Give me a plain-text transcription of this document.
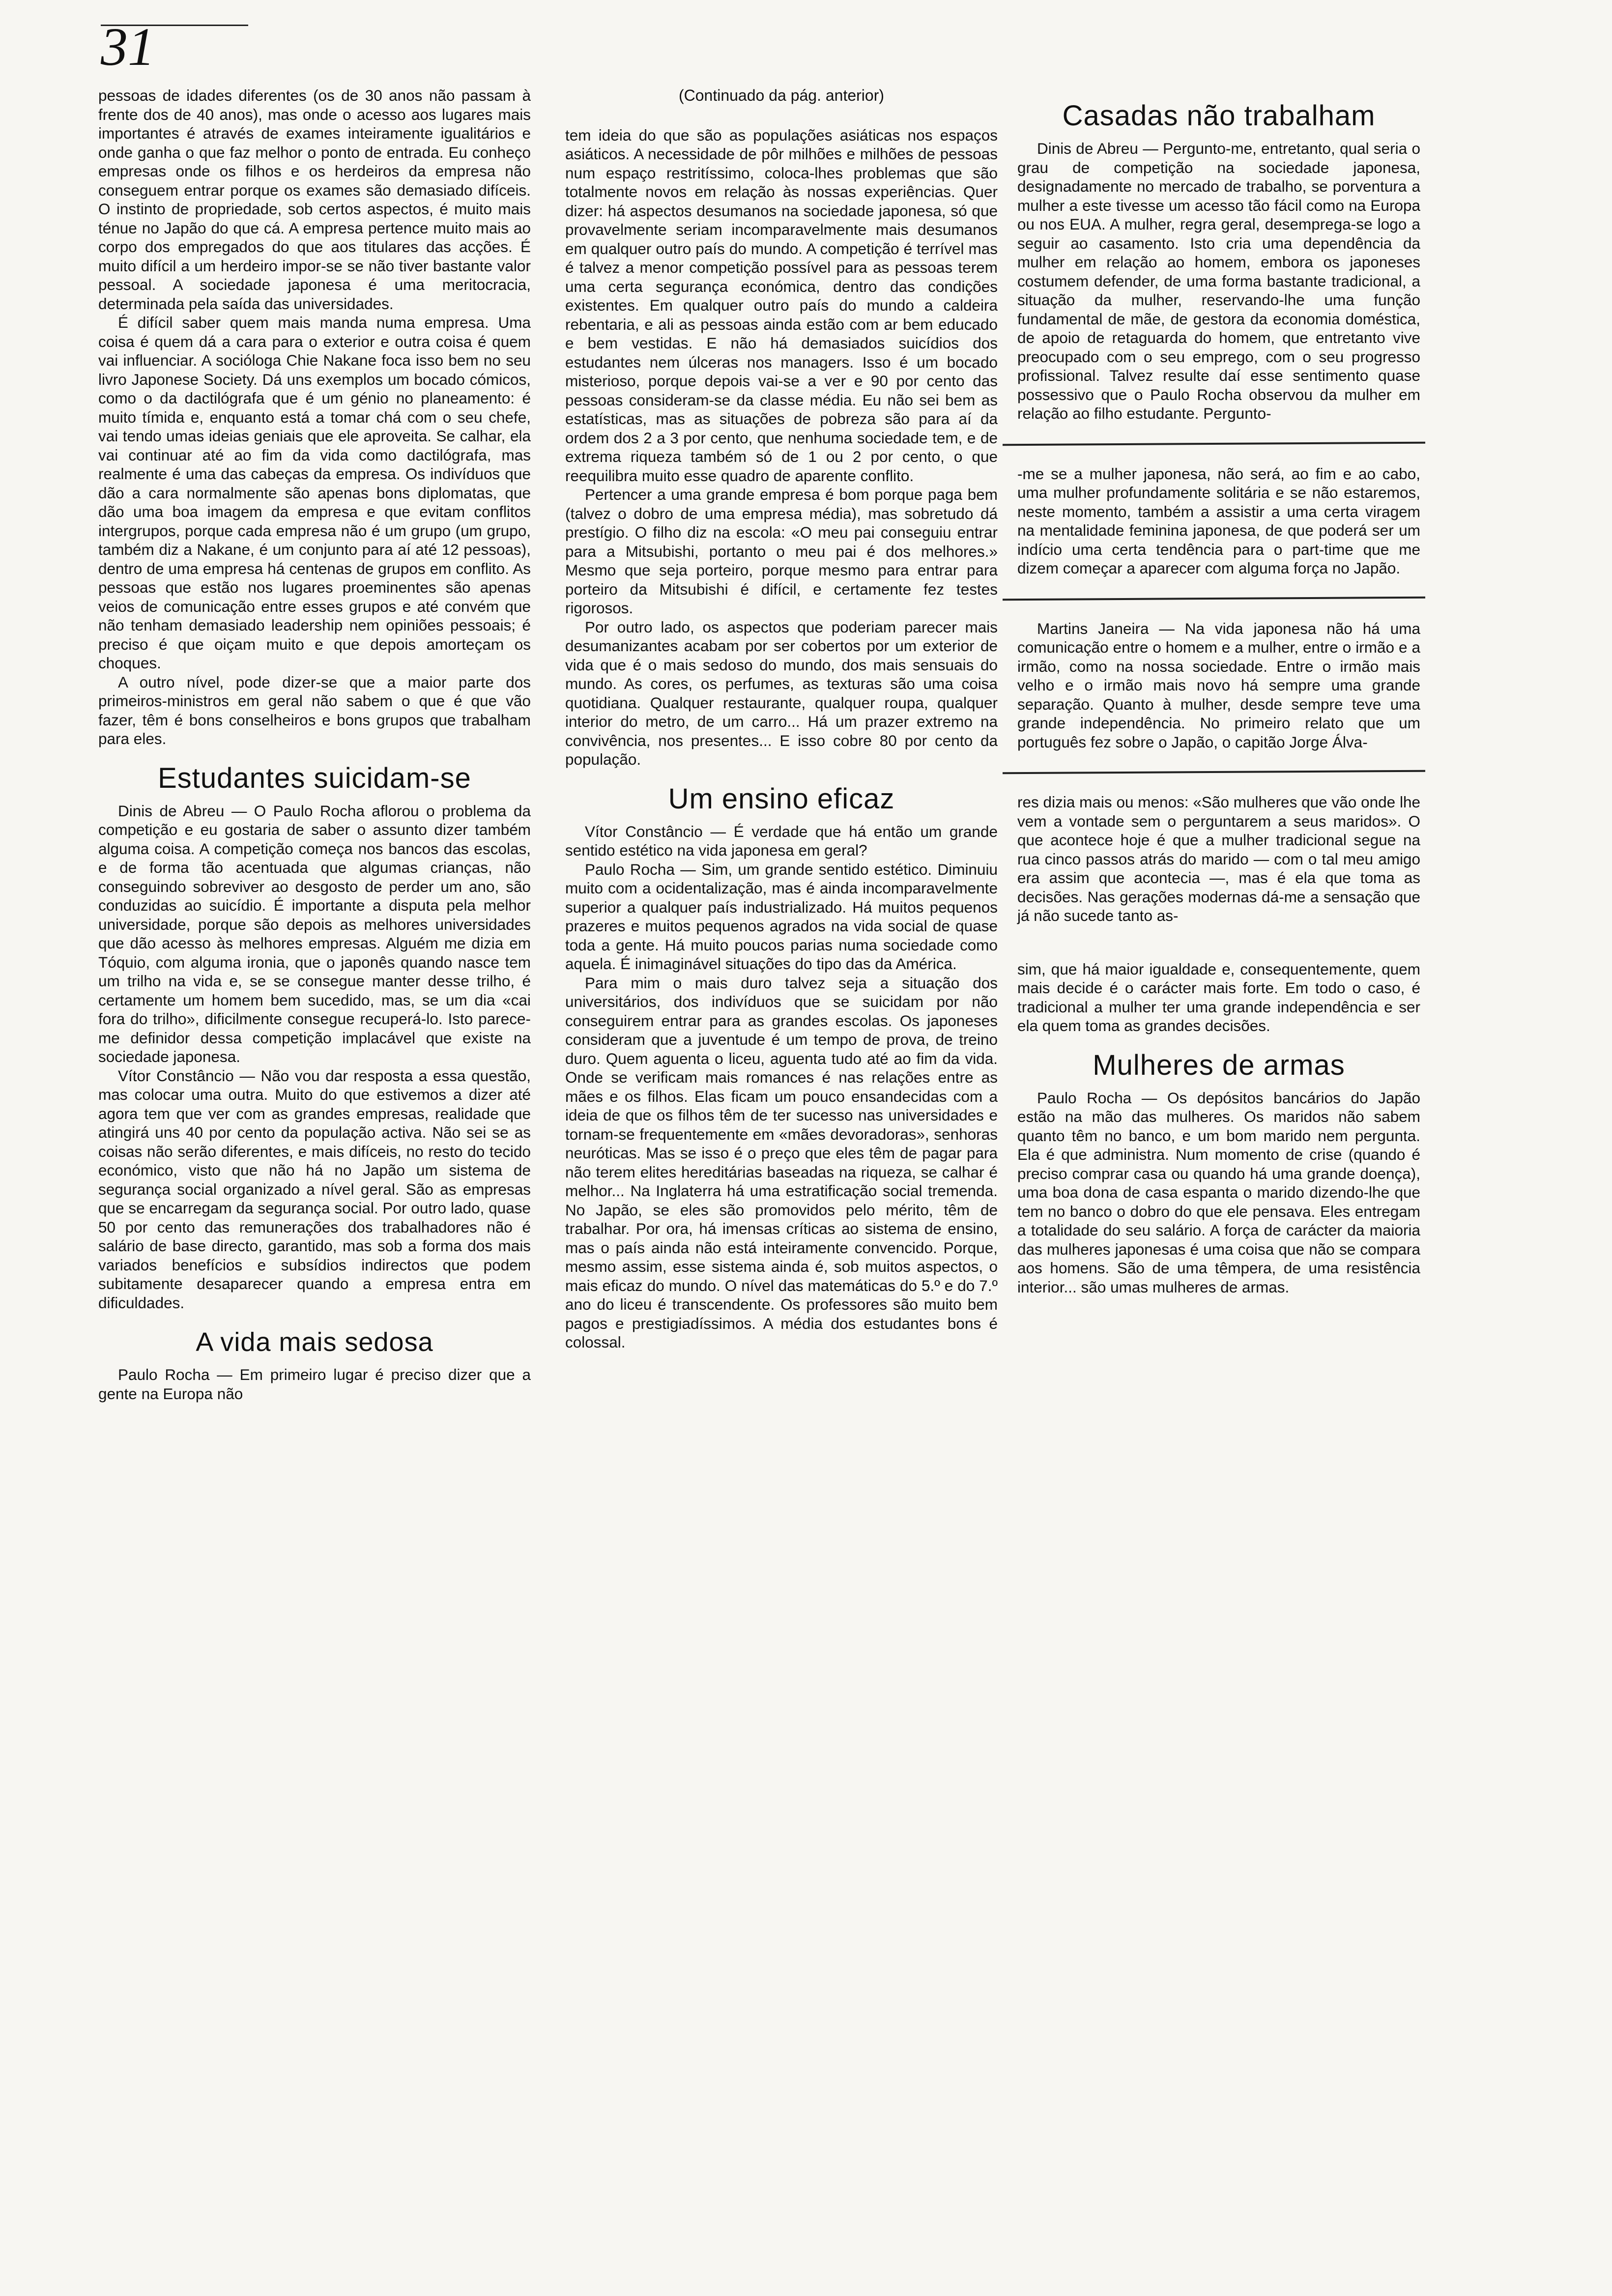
31

pessoas de idades diferentes (os de 30 anos não passam à frente dos de 40 anos), mas onde o acesso aos lugares mais importantes é através de exames inteiramente igualitários e onde ganha o que faz melhor o ponto de entrada. Eu conheço empresas onde os filhos e os herdeiros da empresa não conseguem entrar porque os exames são demasiado difíceis. O instinto de propriedade, sob certos aspectos, é muito mais ténue no Japão do que cá. A empresa pertence muito mais ao corpo dos empregados do que aos titulares das acções. É muito difícil a um herdeiro impor-se se não tiver bastante valor pessoal. A sociedade japonesa é uma meritocracia, determinada pela saída das universidades.

É difícil saber quem mais manda numa empresa. Uma coisa é quem dá a cara para o exterior e outra coisa é quem vai influenciar. A socióloga Chie Nakane foca isso bem no seu livro Japonese Society. Dá uns exemplos um bocado cómicos, como o da dactilógrafa que é um génio no planeamento: é muito tímida e, enquanto está a tomar chá com o seu chefe, vai tendo umas ideias geniais que ele aproveita. Se calhar, ela vai continuar até ao fim da vida como dactilógrafa, mas realmente é uma das cabeças da empresa. Os indivíduos que dão a cara normalmente são apenas bons diplomatas, que dão uma boa imagem da empresa e que evitam conflitos intergrupos, porque cada empresa não é um grupo (um grupo, também diz a Nakane, é um conjunto para aí até 12 pessoas), dentro de uma empresa há centenas de grupos em conflito. As pessoas que estão nos lugares proeminentes são apenas veios de comunicação entre esses grupos e até convém que não tenham demasiado leadership nem opiniões pessoais; é preciso é que oiçam muito e que depois amorteçam os choques.

A outro nível, pode dizer-se que a maior parte dos primeiros-ministros em geral não sabem o que é que vão fazer, têm é bons conselheiros e bons grupos que trabalham para eles.

Estudantes suicidam-se

Dinis de Abreu — O Paulo Rocha aflorou o problema da competição e eu gostaria de saber o assunto dizer também alguma coisa. A competição começa nos bancos das escolas, e de forma tão acentuada que algumas crianças, não conseguindo sobreviver ao desgosto de perder um ano, são conduzidas ao suicídio. É importante a disputa pela melhor universidade, porque são depois as melhores universidades que dão acesso às melhores empresas. Alguém me dizia em Tóquio, com alguma ironia, que o japonês quando nasce tem um trilho na vida e, se se consegue manter desse trilho, é certamente um homem bem sucedido, mas, se um dia «cai fora do trilho», dificilmente consegue recuperá-lo. Isto parece-me definidor dessa competição implacável que existe na sociedade japonesa.

Vítor Constâncio — Não vou dar resposta a essa questão, mas colocar uma outra. Muito do que estivemos a dizer até agora tem que ver com as grandes empresas, realidade que atingirá uns 40 por cento da população activa. Não sei se as coisas não serão diferentes, e mais difíceis, no resto do tecido económico, visto que não há no Japão um sistema de segurança social organizado a nível geral. São as empresas que se encarregam da segurança social. Por outro lado, quase 50 por cento das remunerações dos trabalhadores não é salário de base directo, garantido, mas sob a forma dos mais variados benefícios e subsídios indirectos que podem subitamente desaparecer quando a empresa entra em dificuldades.

A vida mais sedosa

Paulo Rocha — Em primeiro lugar é preciso dizer que a gente na Europa não

(Continuado da pág. anterior)

tem ideia do que são as populações asiáticas nos espaços asiáticos. A necessidade de pôr milhões e milhões de pessoas num espaço restritíssimo, coloca-lhes problemas que são totalmente novos em relação às nossas experiências. Quer dizer: há aspectos desumanos na sociedade japonesa, só que provavelmente seriam incomparavelmente mais desumanos em qualquer outro país do mundo. A competição é terrível mas é talvez a menor competição possível para as pessoas terem uma certa segurança económica, dentro das condições existentes. Em qualquer outro país do mundo a caldeira rebentaria, e ali as pessoas ainda estão com ar bem educado e bem vestidas. E não há demasiados suicídios dos estudantes nem úlceras nos managers. Isso é um bocado misterioso, porque depois vai-se a ver e 90 por cento das pessoas consideram-se da classe média. Eu não sei bem as estatísticas, mas as situações de pobreza são para aí da ordem dos 2 a 3 por cento, que nenhuma sociedade tem, e de extrema riqueza também só de 1 ou 2 por cento, o que reequilibra muito esse quadro de aparente conflito.

Pertencer a uma grande empresa é bom porque paga bem (talvez o dobro de uma empresa média), mas sobretudo dá prestígio. O filho diz na escola: «O meu pai conseguiu entrar para a Mitsubishi, portanto o meu pai é dos melhores.» Mesmo que seja porteiro, porque mesmo para entrar para porteiro da Mitsubishi é difícil, e certamente fez testes rigorosos.

Por outro lado, os aspectos que poderiam parecer mais desumanizantes acabam por ser cobertos por um exterior de vida que é o mais sedoso do mundo, dos mais sensuais do mundo. As cores, os perfumes, as texturas são uma coisa quotidiana. Qualquer restaurante, qualquer roupa, qualquer interior do metro, de um carro... Há um prazer extremo na convivência, nos presentes... E isso cobre 80 por cento da população.

Um ensino eficaz

Vítor Constâncio — É verdade que há então um grande sentido estético na vida japonesa em geral?

Paulo Rocha — Sim, um grande sentido estético. Diminuiu muito com a ocidentalização, mas é ainda incomparavelmente superior a qualquer país industrializado. Há muitos pequenos prazeres e muitos pequenos agrados na vida social de quase toda a gente. Há muito poucos parias numa sociedade como aquela. É inimaginável situações do tipo das da América.

Para mim o mais duro talvez seja a situação dos universitários, dos indivíduos que se suicidam por não conseguirem entrar para as grandes escolas. Os japoneses consideram que a juventude é um tempo de prova, de treino duro. Quem aguenta o liceu, aguenta tudo até ao fim da vida. Onde se verificam mais romances é nas relações entre as mães e os filhos. Elas ficam um pouco ensandecidas com a ideia de que os filhos têm de ter sucesso nas universidades e tornam-se frequentemente em «mães devoradoras», senhoras neuróticas. Mas se isso é o preço que eles têm de pagar para não terem elites hereditárias baseadas na riqueza, se calhar é melhor... Na Inglaterra há uma estratificação social tremenda. No Japão, se eles são promovidos pelo mérito, têm de trabalhar. Por ora, há imensas críticas ao sistema de ensino, mas o país ainda não está inteiramente convencido. Porque, mesmo assim, esse sistema ainda é, sob muitos aspectos, o mais eficaz do mundo. O nível das matemáticas do 5.º e do 7.º ano do liceu é transcendente. Os professores são muito bem pagos e prestigiadíssimos. A média dos estudantes bons é colossal.

Casadas não trabalham

Dinis de Abreu — Pergunto-me, entretanto, qual seria o grau de competição na sociedade japonesa, designadamente no mercado de trabalho, se porventura a mulher a este tivesse um acesso tão fácil como na Europa ou nos EUA. A mulher, regra geral, desemprega-se logo a seguir ao casamento. Isto cria uma dependência da mulher em relação ao homem, embora os japoneses costumem defender, de uma forma bastante tradicional, a situação da mulher, reservando-lhe uma função fundamental de mãe, de gestora da economia doméstica, de apoio de retaguarda do homem, que entretanto vive preocupado com o seu emprego, com o seu progresso profissional. Talvez resulte daí esse sentimento quase possessivo que o Paulo Rocha observou da mulher em relação ao filho estudante. Pergunto-

-me se a mulher japonesa, não será, ao fim e ao cabo, uma mulher profundamente solitária e se não estaremos, neste momento, também a assistir a uma certa viragem na mentalidade feminina japonesa, de que poderá ser um indício uma certa tendência para o part-time que me dizem começar a aparecer com alguma força no Japão.

Martins Janeira — Na vida japonesa não há uma comunicação entre o homem e a mulher, entre o irmão e a irmão, como na nossa sociedade. Entre o irmão mais velho e o irmão mais novo há sempre uma grande separação. Quanto à mulher, desde sempre teve uma grande independência. No primeiro relato que um português fez sobre o Japão, o capitão Jorge Álva-

res dizia mais ou menos: «São mulheres que vão onde lhe vem a vontade sem o perguntarem a seus maridos». O que acontece hoje é que a mulher tradicional segue na rua cinco passos atrás do marido — com o tal meu amigo era assim que acontecia —, mas é ela que toma as decisões. Nas gerações modernas dá-me a sensação que já não sucede tanto as-

sim, que há maior igualdade e, consequentemente, quem mais decide é o carácter mais forte. Em todo o caso, é tradicional a mulher ter uma grande independência e ser ela quem toma as grandes decisões.

Mulheres de armas

Paulo Rocha — Os depósitos bancários do Japão estão na mão das mulheres. Os maridos não sabem quanto têm no banco, e um bom marido nem pergunta. Ela é que administra. Num momento de crise (quando é preciso comprar casa ou quando há uma grande doença), uma boa dona de casa espanta o marido dizendo-lhe que tem no banco o dobro do que ele pensava. Eles entregam a totalidade do seu salário. A força de carácter da maioria das mulheres japonesas é uma coisa que não se compara aos homens. São de uma têmpera, de uma resistência interior... são umas mulheres de armas.
